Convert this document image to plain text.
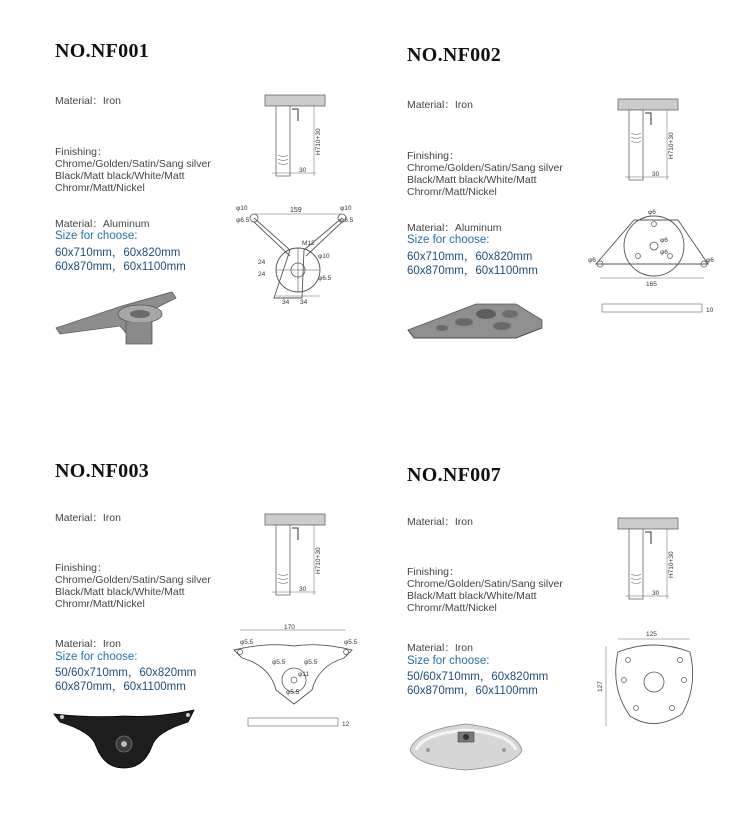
NO.NF001
Material：Iron
Finishing：
Chrome/Golden/Satin/Sang silver
Black/Matt black/White/Matt
Chromr/Matt/Nickel
Material：Aluminum
Size for choose:
60x710mm，60x820mm
60x870mm，60x1100mm
H710+30
30
159
φ10
φ6.5
φ10
φ6.5
M12
φ10
φ6.5
24
24
34 34
NO.NF002
Material：Iron
Finishing：
Chrome/Golden/Satin/Sang silver
Black/Matt black/White/Matt
Chromr/Matt/Nickel
Material：Aluminum
Size for choose:
60x710mm，60x820mm
60x870mm，60x1100mm
H710+30
30
φ6
φ6
φ6
φ6	φ6
165
10
NO.NF003
Material：Iron
Finishing：
Chrome/Golden/Satin/Sang silver
Black/Matt black/White/Matt
Chromr/Matt/Nickel
Material：Iron
Size for choose:
50/60x710mm，60x820mm
60x870mm，60x1100mm
H710+30
30
170
φ5.5	φ5.5
φ5.5	φ5.5
φ11
φ5.5
12
NO.NF007
Material：Iron
Finishing：
Chrome/Golden/Satin/Sang silver
Black/Matt black/White/Matt
Chromr/Matt/Nickel
Material：Iron
Size for choose:
50/60x710mm，60x820mm
60x870mm，60x1100mm
H710+30
30
125
127
